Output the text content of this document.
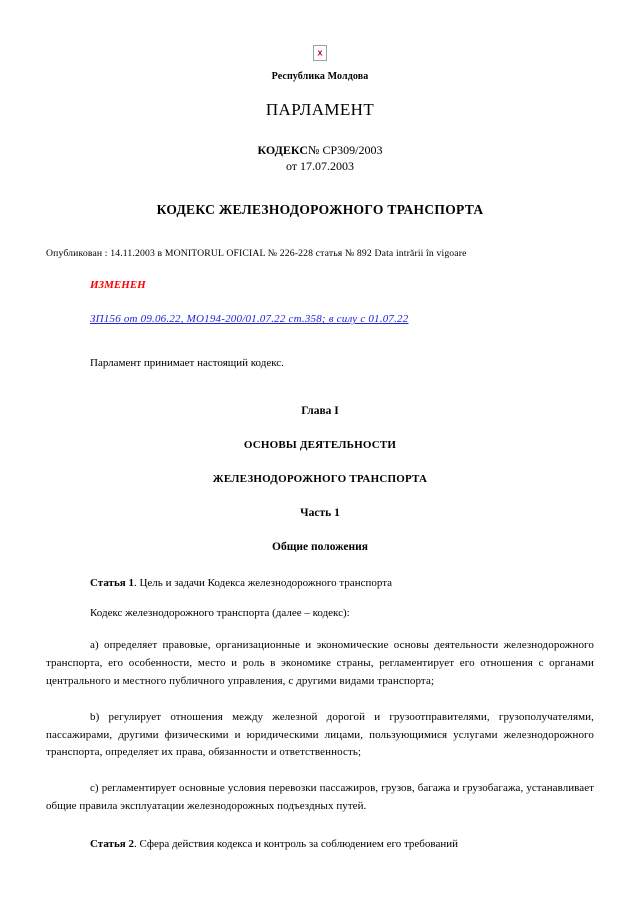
x
Республика Молдова
ПАРЛАМЕНТ
КОДЕКС№ CP309/2003
от 17.07.2003
КОДЕКС ЖЕЛЕЗНОДОРОЖНОГО ТРАНСПОРТА
Опубликован : 14.11.2003 в MONITORUL OFICIAL № 226-228 статья № 892 Data intrării în vigoare
ИЗМЕНЕН
ЗП156 от 09.06.22, МО194-200/01.07.22 ст.358; в силу с 01.07.22
Парламент принимает настоящий кодекс.
Глава I
ОСНОВЫ ДЕЯТЕЛЬНОСТИ
ЖЕЛЕЗНОДОРОЖНОГО ТРАНСПОРТА
Часть 1
Общие положения
Статья 1. Цель и задачи Кодекса железнодорожного транспорта
Кодекс железнодорожного транспорта (далее – кодекс):
a) определяет правовые, организационные и экономические основы деятельности железнодорожного транспорта, его особенности, место и роль в экономике страны, регламентирует его отношения с органами центрального и местного публичного управления, с другими видами транспорта;
b) регулирует отношения между железной дорогой и грузоотправителями, грузополучателями, пассажирами, другими физическими и юридическими лицами, пользующимися услугами железнодорожного транспорта, определяет их права, обязанности и ответственность;
c) регламентирует основные условия перевозки пассажиров, грузов, багажа и грузобагажа, устанавливает общие правила эксплуатации железнодорожных подъездных путей.
Статья 2. Сфера действия кодекса и контроль за соблюдением его требований
